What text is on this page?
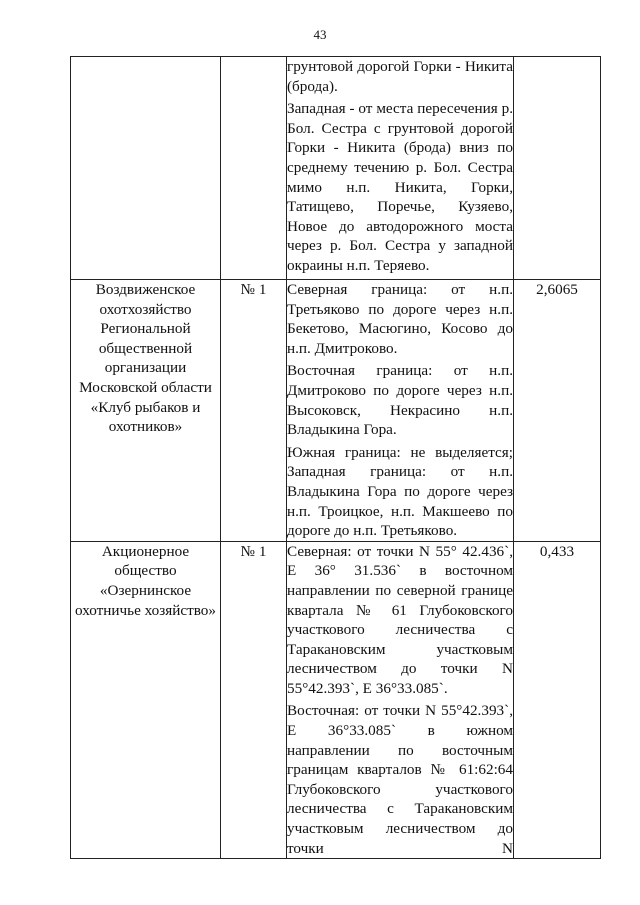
43

		грунтовой дорогой Горки - Никита (брода).

Западная - от места пересечения р. Бол. Сестра с грунтовой дорогой Горки - Никита (брода) вниз по среднему течению р. Бол. Сестра мимо н.п. Никита, Горки, Татищево, Поречье, Кузяево, Новое до автодорожного моста через р. Бол. Сестра у западной окраины н.п. Теряево.	

Воздвиженское охотхозяйство Региональной общественной организации Московской области «Клуб рыбаков и охотников»	№ 1	Северная граница: от н.п. Третьяково по дороге через н.п. Бекетово, Масюгино, Косово до н.п. Дмитроково.

Восточная граница: от н.п. Дмитроково по дороге через н.п. Высоковск, Некрасино н.п. Владыкина Гора.

Южная граница: не выделяется; Западная граница: от н.п. Владыкина Гора по дороге через н.п. Троицкое, н.п. Макшеево по дороге до н.п. Третьяково.	2,6065
Акционерное общество «Озернинское охотничье хозяйство»	№ 1	Северная: от точки N 55° 42.436`, E 36° 31.536` в восточном направлении по северной границе квартала № 61 Глубоковского участкового лесничества с Таракановским участковым лесничеством до точки N 55°42.393`, E 36°33.085`.

Восточная: от точки N 55°42.393`, E 36°33.085` в южном направлении по восточным границам кварталов № 61:62:64 Глубоковского участкового лесничества с Таракановским участковым лесничеством до точки N	0,433
